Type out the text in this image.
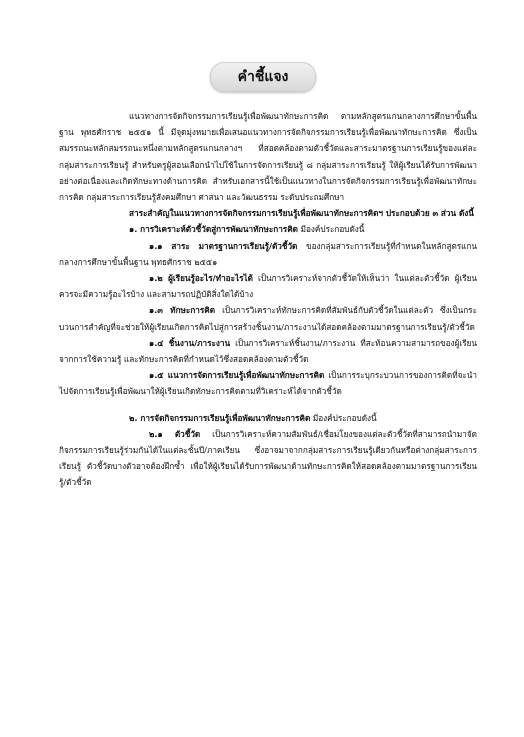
คำชี้แจง

แนวทางการจัดกิจกรรมการเรียนรู้เพื่อพัฒนาทักษะการคิด ตามหลักสูตรแกนกลางการศึกษาขั้นพื้นฐาน พุทธศักราช ๒๕๕๑ นี้ มีจุดมุ่งหมายเพื่อเสนอแนวทางการจัดกิจกรรมการเรียนรู้เพื่อพัฒนาทักษะการคิด ซึ่งเป็นสมรรถนะหลักสมรรถนะหนึ่งตามหลักสูตรแกนกลางฯ ที่สอดคล้องตามตัวชี้วัดและสาระมาตรฐานการเรียนรู้ของแต่ละกลุ่มสาระการเรียนรู้ สำหรับครูผู้สอนเลือกนำไปใช้ในการจัดการเรียนรู้ ๘ กลุ่มสาระการเรียนรู้ ให้ผู้เรียนได้รับการพัฒนาอย่างต่อเนื่องและเกิดทักษะทางด้านการคิด สำหรับเอกสารนี้ใช้เป็นแนวทางในการจัดกิจกรรมการเรียนรู้เพื่อพัฒนาทักษะการคิด กลุ่มสาระการเรียนรู้สังคมศึกษา ศาสนา และวัฒนธรรม ระดับประถมศึกษา

สาระสำคัญในแนวทางการจัดกิจกรรมการเรียนรู้เพื่อพัฒนาทักษะการคิดฯ ประกอบด้วย ๓ ส่วน ดังนี้

๑. การวิเคราะห์ตัวชี้วัดสู่การพัฒนาทักษะการคิด มีองค์ประกอบดังนี้

๑.๑ สาระ มาตรฐานการเรียนรู้/ตัวชี้วัด ของกลุ่มสาระการเรียนรู้ที่กำหนดในหลักสูตรแกนกลางการศึกษาขั้นพื้นฐาน พุทธศักราช ๒๕๕๑

๑.๒ ผู้เรียนรู้อะไร/ทำอะไรได้ เป็นการวิเคราะห์จากตัวชี้วัดให้เห็นว่า ในแต่ละตัวชี้วัด ผู้เรียนควรจะมีความรู้อะไรบ้าง และสามารถปฏิบัติสิ่งใดได้บ้าง

๑.๓ ทักษะการคิด เป็นการวิเคราะห์ทักษะการคิดที่สัมพันธ์กับตัวชี้วัดในแต่ละตัว ซึ่งเป็นกระบวนการสำคัญที่จะช่วยให้ผู้เรียนเกิดการคิดไปสู่การสร้างชิ้นงาน/ภาระงานได้สอดคล้องตามมาตรฐานการเรียนรู้/ตัวชี้วัด

๑.๔ ชิ้นงาน/ภาระงาน เป็นการวิเคราะห์ชิ้นงาน/ภาระงาน ที่สะท้อนความสามารถของผู้เรียนจากการใช้ความรู้ และทักษะการคิดที่กำหนดไว้ซึ่งสอดคล้องตามตัวชี้วัด

๑.๕ แนวการจัดการเรียนรู้เพื่อพัฒนาทักษะการคิด เป็นการระบุกระบวนการของการคิดที่จะนำไปจัดการเรียนรู้เพื่อพัฒนาให้ผู้เรียนเกิดทักษะการคิดตามที่วิเคราะห์ได้จากตัวชี้วัด

๒. การจัดกิจกรรมการเรียนรู้เพื่อพัฒนาทักษะการคิด มีองค์ประกอบดังนี้

๒.๑ ตัวชี้วัด เป็นการวิเคราะห์ความสัมพันธ์/เชื่อมโยงของแต่ละตัวชี้วัดที่สามารถนำมาจัดกิจกรรมการเรียนรู้ร่วมกันได้ในแต่ละชั้นปี/ภาคเรียน ซึ่งอาจมาจากกลุ่มสาระการเรียนรู้เดียวกันหรือต่างกลุ่มสาระการเรียนรู้ ตัวชี้วัดบางตัวอาจต้องฝึกซ้ำ เพื่อให้ผู้เรียนได้รับการพัฒนาด้านทักษะการคิดให้สอดคล้องตามมาตรฐานการเรียนรู้/ตัวชี้วัด
